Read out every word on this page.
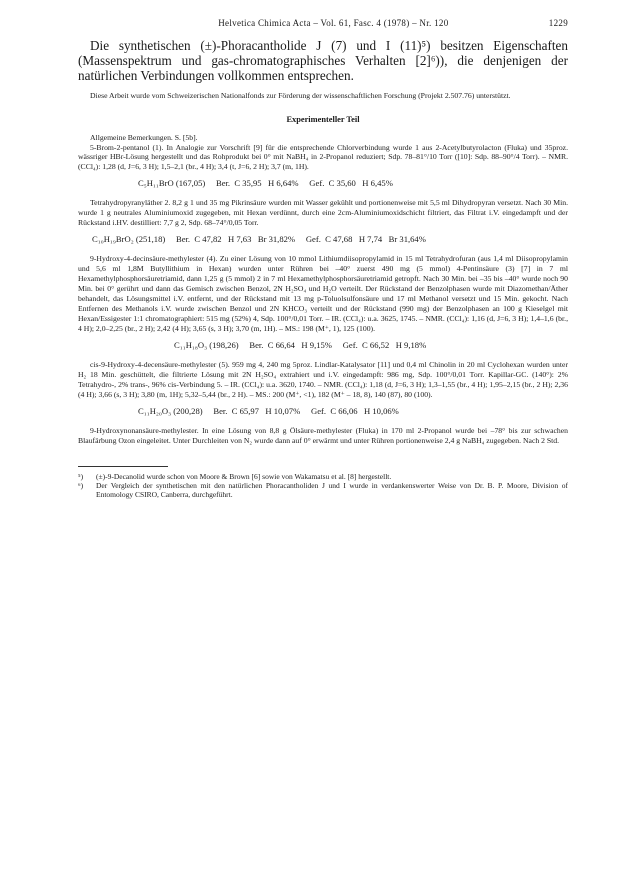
Helvetica Chimica Acta – Vol. 61, Fasc. 4 (1978) – Nr. 120	1229

Die synthetischen (±)-Phoracantholide J (7) und I (11)⁵) besitzen Eigenschaften (Massenspektrum und gas-chromatographisches Verhalten [2]⁶)), die denjenigen der natürlichen Verbindungen vollkommen entsprechen.

Diese Arbeit wurde vom Schweizerischen Nationalfonds zur Förderung der wissenschaftlichen Forschung (Projekt 2.507.76) unterstützt.

Experimenteller Teil

Allgemeine Bemerkungen. S. [5b].

5-Brom-2-pentanol (1). In Analogie zur Vorschrift [9] für die entsprechende Chlorverbindung wurde 1 aus 2-Acetylbutyrolacton (Fluka) und 35proz. wässriger HBr-Lösung hergestellt und das Rohprodukt bei 0° mit NaBH₄ in 2-Propanol reduziert; Sdp. 78–81°/10 Torr ([10]: Sdp. 88–90°/4 Torr). – NMR. (CCl₄): 1,28 (d, J=6, 3 H); 1,5–2,1 (br., 4 H); 3,4 (t, J=6, 2 H); 3,7 (m, 1H).

C₅H₁₁BrO (167,05)     Ber.  C 35,95   H 6,64%     Gef.  C 35,60   H 6,45%

Tetrahydropyranyläther 2. 8,2 g 1 und 35 mg Pikrinsäure wurden mit Wasser gekühlt und portionenweise mit 5,5 ml Dihydropyran versetzt. Nach 30 Min. wurde 1 g neutrales Aluminiumoxid zugegeben, mit Hexan verdünnt, durch eine 2cm-Aluminiumoxidschicht filtriert, das Filtrat i.V. eingedampft und der Rückstand i.HV. destilliert: 7,7 g 2, Sdp. 68–74°/0,05 Torr.

C₁₀H₁₉BrO₂ (251,18)     Ber.  C 47,82   H 7,63   Br 31,82%     Gef.  C 47,68   H 7,74   Br 31,64%

9-Hydroxy-4-decinsäure-methylester (4). Zu einer Lösung von 10 mmol Lithiumdiisopropylamid in 15 ml Tetrahydrofuran (aus 1,4 ml Diisopropylamin und 5,6 ml 1,8M Butyllithium in Hexan) wurden unter Rühren bei –40° zuerst 490 mg (5 mmol) 4-Pentinsäure (3) [7] in 7 ml Hexamethylphosphorsäuretriamid, dann 1,25 g (5 mmol) 2 in 7 ml Hexamethylphosphorsäuretriamid getropft. Nach 30 Min. bei –35 bis –40° wurde noch 90 Min. bei 0° gerührt und dann das Gemisch zwischen Benzol, 2N H₂SO₄ und H₂O verteilt. Der Rückstand der Benzolphasen wurde mit Diazomethan/Äther behandelt, das Lösungsmittel i.V. entfernt, und der Rückstand mit 13 mg p-Toluolsulfonsäure und 17 ml Methanol versetzt und 15 Min. gekocht. Nach Entfernen des Methanols i.V. wurde zwischen Benzol und 2N KHCO₃ verteilt und der Rückstand (990 mg) der Benzolphasen an 100 g Kieselgel mit Hexan/Essigester 1:1 chromatographiert: 515 mg (52%) 4, Sdp. 100°/0,01 Torr. – IR. (CCl₄): u.a. 3625, 1745. – NMR. (CCl₄): 1,16 (d, J=6, 3 H); 1,4–1,6 (br., 4 H); 2,0–2,25 (br., 2 H); 2,42 (4 H); 3,65 (s, 3 H); 3,70 (m, 1H). – MS.: 198 (M⁺, 1), 125 (100).

C₁₁H₁₈O₃ (198,26)     Ber.  C 66,64   H 9,15%     Gef.  C 66,52   H 9,18%

cis-9-Hydroxy-4-decensäure-methylester (5). 959 mg 4, 240 mg 5proz. Lindlar-Katalysator [11] und 0,4 ml Chinolin in 20 ml Cyclohexan wurden unter H₂ 18 Min. geschüttelt, die filtrierte Lösung mit 2N H₂SO₄ extrahiert und i.V. eingedampft: 986 mg, Sdp. 100°/0,01 Torr. Kapillar-GC. (140°): 2% Tetrahydro-, 2% trans-, 96% cis-Verbindung 5. – IR. (CCl₄): u.a. 3620, 1740. – NMR. (CCl₄): 1,18 (d, J=6, 3 H); 1,3–1,55 (br., 4 H); 1,95–2,15 (br., 2 H); 2,36 (4 H); 3,66 (s, 3 H); 3,80 (m, 1H); 5,32–5,44 (br., 2 H). – MS.: 200 (M⁺, <1), 182 (M⁺ – 18, 8), 140 (87), 80 (100).

C₁₁H₂₀O₃ (200,28)     Ber.  C 65,97   H 10,07%     Gef.  C 66,06   H 10,06%

9-Hydroxynonansäure-methylester. In eine Lösung von 8,8 g Ölsäure-methylester (Fluka) in 170 ml 2-Propanol wurde bei –78° bis zur schwachen Blaufärbung Ozon eingeleitet. Unter Durchleiten von N₂ wurde dann auf 0° erwärmt und unter Rühren portionenweise 2,4 g NaBH₄ zugegeben. Nach 2 Std.

⁵)	(±)-9-Decanolid wurde schon von Moore & Brown [6] sowie von Wakamatsu et al. [8] hergestellt.
⁶)	Der Vergleich der synthetischen mit den natürlichen Phoracantholiden J und I wurde in verdankenswerter Weise von Dr. B. P. Moore, Division of Entomology CSIRO, Canberra, durchgeführt.
